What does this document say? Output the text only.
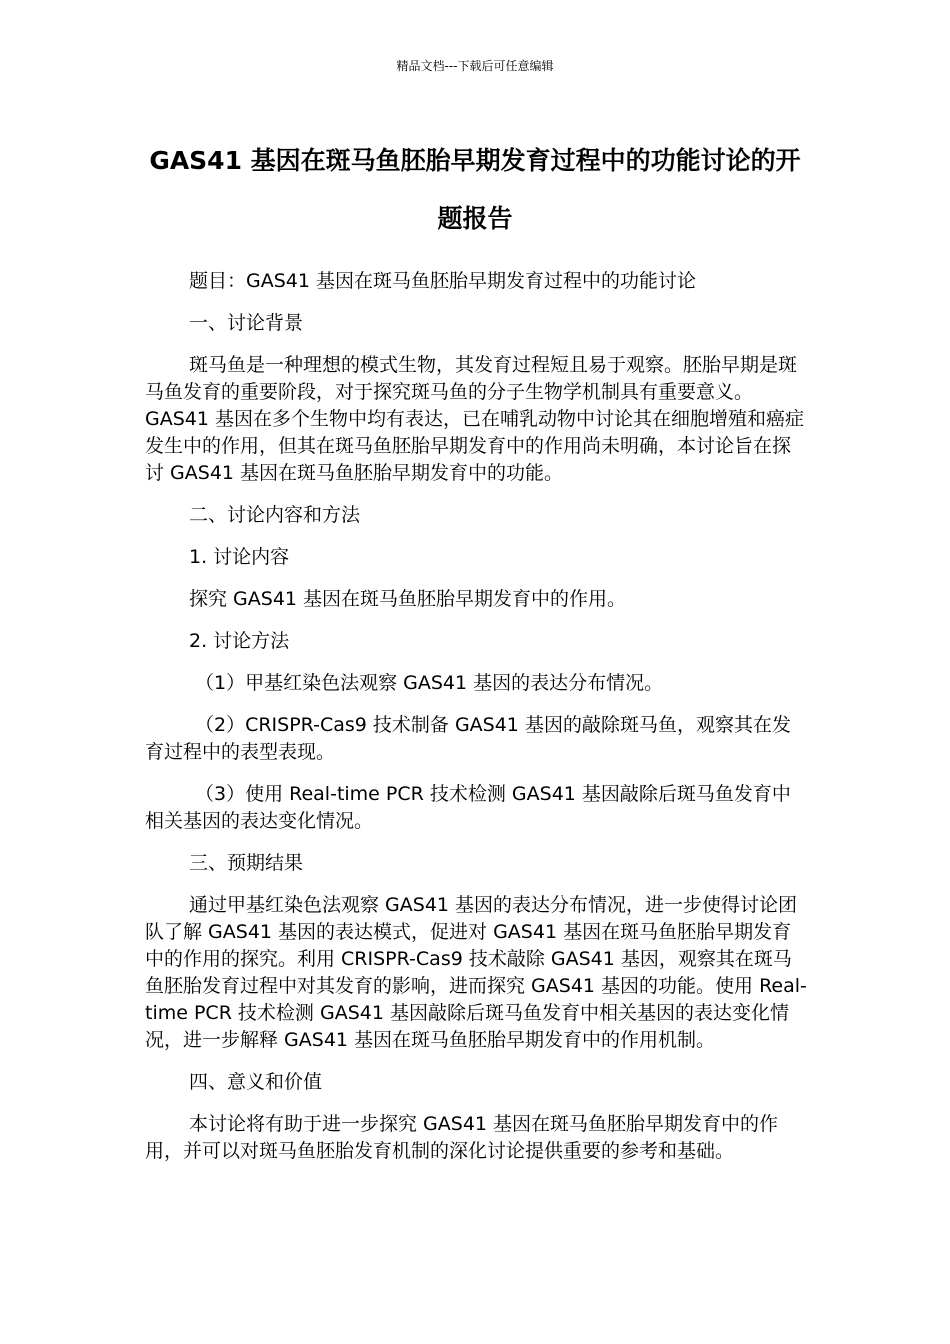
精品文档---下载后可任意编辑
GAS41 基因在斑马鱼胚胎早期发育过程中的功能讨论的开题报告

题目：GAS41 基因在斑马鱼胚胎早期发育过程中的功能讨论

一、讨论背景

斑马鱼是一种理想的模式生物，其发育过程短且易于观察。胚胎早期是斑马鱼发育的重要阶段，对于探究斑马鱼的分子生物学机制具有重要意义。GAS41 基因在多个生物中均有表达，已在哺乳动物中讨论其在细胞增殖和癌症发生中的作用，但其在斑马鱼胚胎早期发育中的作用尚未明确，本讨论旨在探讨 GAS41 基因在斑马鱼胚胎早期发育中的功能。

二、讨论内容和方法

1. 讨论内容

探究 GAS41 基因在斑马鱼胚胎早期发育中的作用。

2. 讨论方法

（1）甲基红染色法观察 GAS41 基因的表达分布情况。

（2）CRISPR-Cas9 技术制备 GAS41 基因的敲除斑马鱼，观察其在发育过程中的表型表现。

（3）使用 Real-time PCR 技术检测 GAS41 基因敲除后斑马鱼发育中相关基因的表达变化情况。

三、预期结果

通过甲基红染色法观察 GAS41 基因的表达分布情况，进一步使得讨论团队了解 GAS41 基因的表达模式，促进对 GAS41 基因在斑马鱼胚胎早期发育中的作用的探究。利用 CRISPR-Cas9 技术敲除 GAS41 基因，观察其在斑马鱼胚胎发育过程中对其发育的影响，进而探究 GAS41 基因的功能。使用 Real-time PCR 技术检测 GAS41 基因敲除后斑马鱼发育中相关基因的表达变化情况，进一步解释 GAS41 基因在斑马鱼胚胎早期发育中的作用机制。

四、意义和价值

本讨论将有助于进一步探究 GAS41 基因在斑马鱼胚胎早期发育中的作用，并可以对斑马鱼胚胎发育机制的深化讨论提供重要的参考和基础。
